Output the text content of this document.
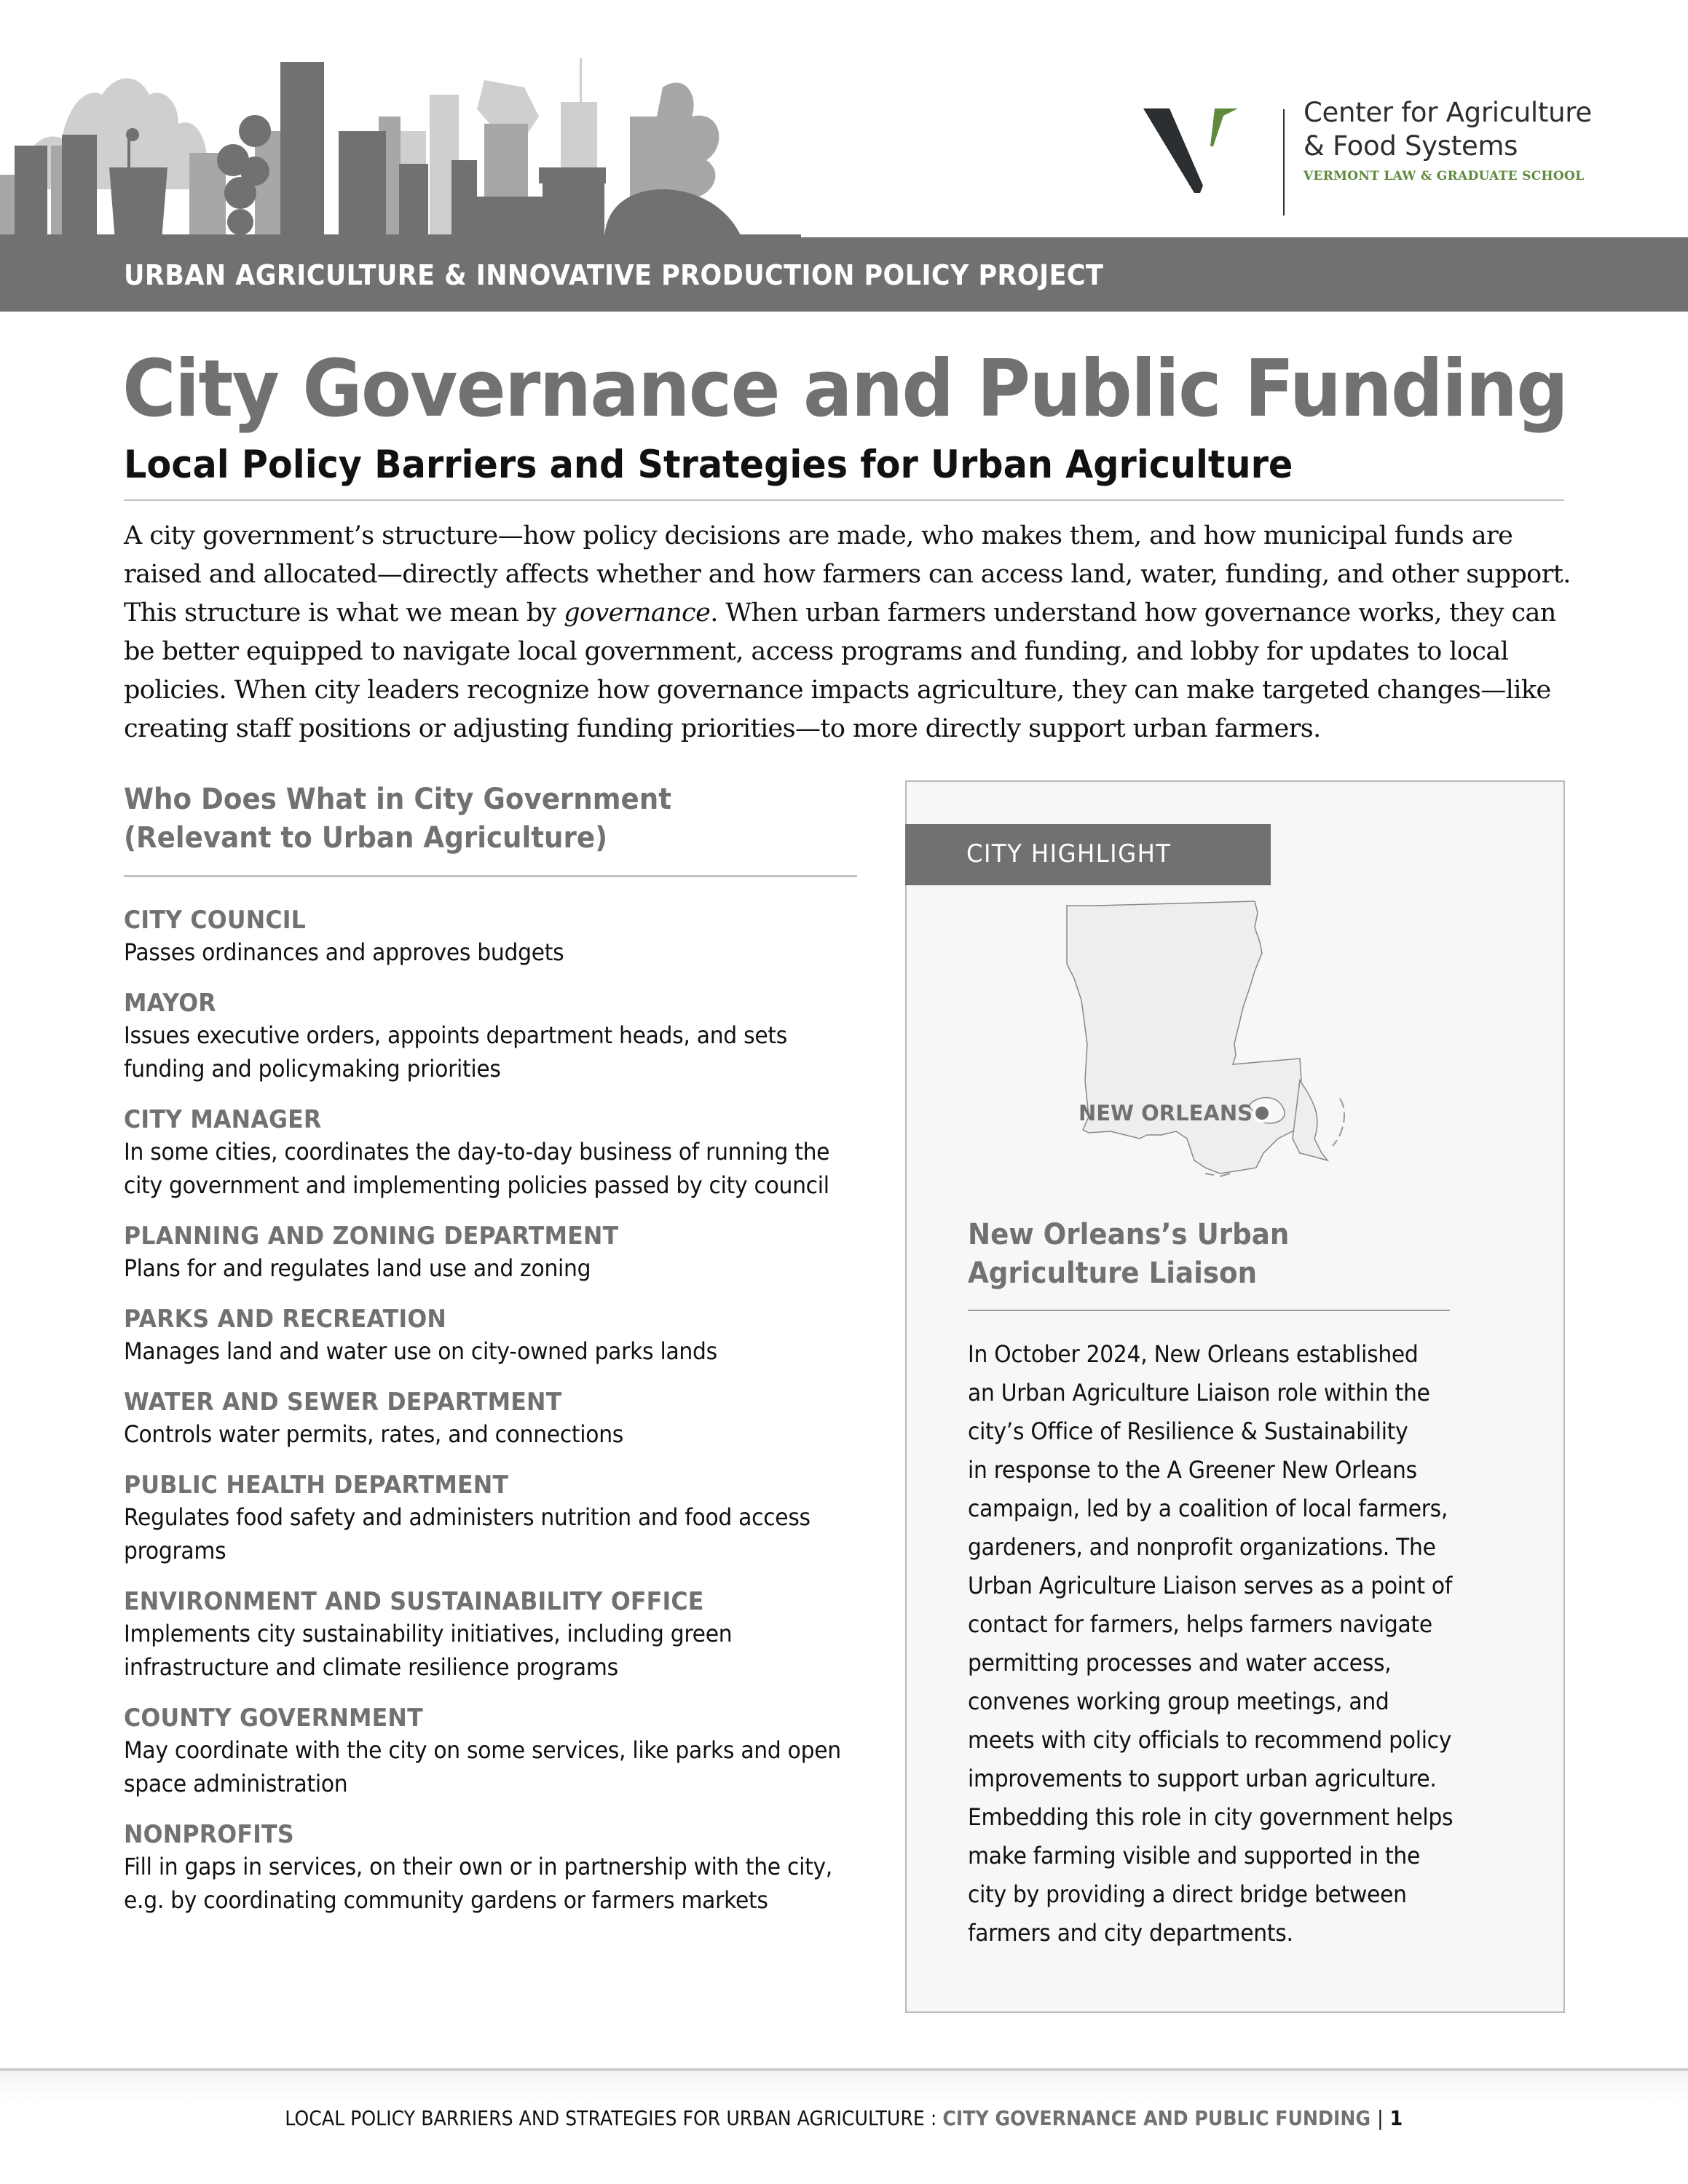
Center for Agriculture
& Food Systems
VERMONT LAW & GRADUATE SCHOOL
URBAN AGRICULTURE & INNOVATIVE PRODUCTION POLICY PROJECT
City Governance and Public Funding
Local Policy Barriers and Strategies for Urban Agriculture

A city government’s structure—how policy decisions are made, who makes them, and how municipal funds are raised and allocated—directly affects whether and how farmers can access land, water, funding, and other support. This structure is what we mean by governance. When urban farmers understand how governance works, they can be better equipped to navigate local government, access programs and funding, and lobby for updates to local policies. When city leaders recognize how governance impacts agriculture, they can make targeted changes—like creating staff positions or adjusting funding priorities—to more directly support urban farmers.

Who Does What in City Government
(Relevant to Urban Agriculture)
CITY COUNCIL
Passes ordinances and approves budgets
MAYOR
Issues executive orders, appoints department heads, and sets funding and policymaking priorities
CITY MANAGER
In some cities, coordinates the day-to-day business of running the city government and implementing policies passed by city council
PLANNING AND ZONING DEPARTMENT
Plans for and regulates land use and zoning
PARKS AND RECREATION
Manages land and water use on city-owned parks lands
WATER AND SEWER DEPARTMENT
Controls water permits, rates, and connections
PUBLIC HEALTH DEPARTMENT
Regulates food safety and administers nutrition and food access programs
ENVIRONMENT AND SUSTAINABILITY OFFICE
Implements city sustainability initiatives, including green infrastructure and climate resilience programs
COUNTY GOVERNMENT
May coordinate with the city on some services, like parks and open space administration
NONPROFITS
Fill in gaps in services, on their own or in partnership with the city, e.g. by coordinating community gardens or farmers markets
CITY HIGHLIGHT
NEW ORLEANS
New Orleans’s Urban
Agriculture Liaison
In October 2024, New Orleans established
an Urban Agriculture Liaison role within the
city’s Office of Resilience & Sustainability
in response to the A Greener New Orleans
campaign, led by a coalition of local farmers,
gardeners, and nonprofit organizations. The
Urban Agriculture Liaison serves as a point of
contact for farmers, helps farmers navigate
permitting processes and water access,
convenes working group meetings, and
meets with city officials to recommend policy
improvements to support urban agriculture.
Embedding this role in city government helps
make farming visible and supported in the
city by providing a direct bridge between
farmers and city departments.
LOCAL POLICY BARRIERS AND STRATEGIES FOR URBAN AGRICULTURE : CITY GOVERNANCE AND PUBLIC FUNDING | 1
